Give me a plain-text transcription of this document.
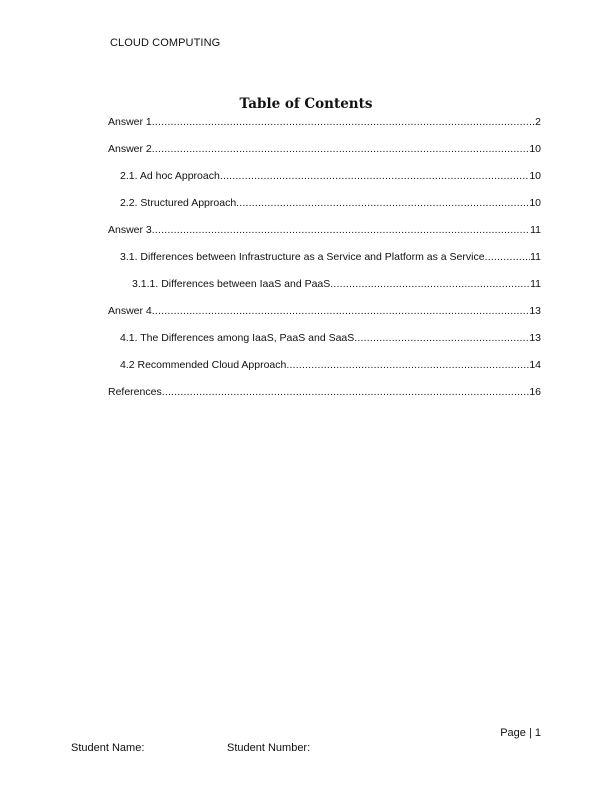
CLOUD COMPUTING
Table of Contents
Answer 1 .....	2
Answer 2 .....	10
2.1. Ad hoc Approach .....	10
2.2. Structured Approach .....	10
Answer 3 .....	11
3.1. Differences between Infrastructure as a Service and Platform as a Service .....	11
3.1.1. Differences between IaaS and PaaS .....	11
Answer 4 .....	13
4.1. The Differences among IaaS, PaaS and SaaS .....	13
4.2 Recommended Cloud Approach .....	14
References .....	16
Page | 1
Student Name:	Student Number:
